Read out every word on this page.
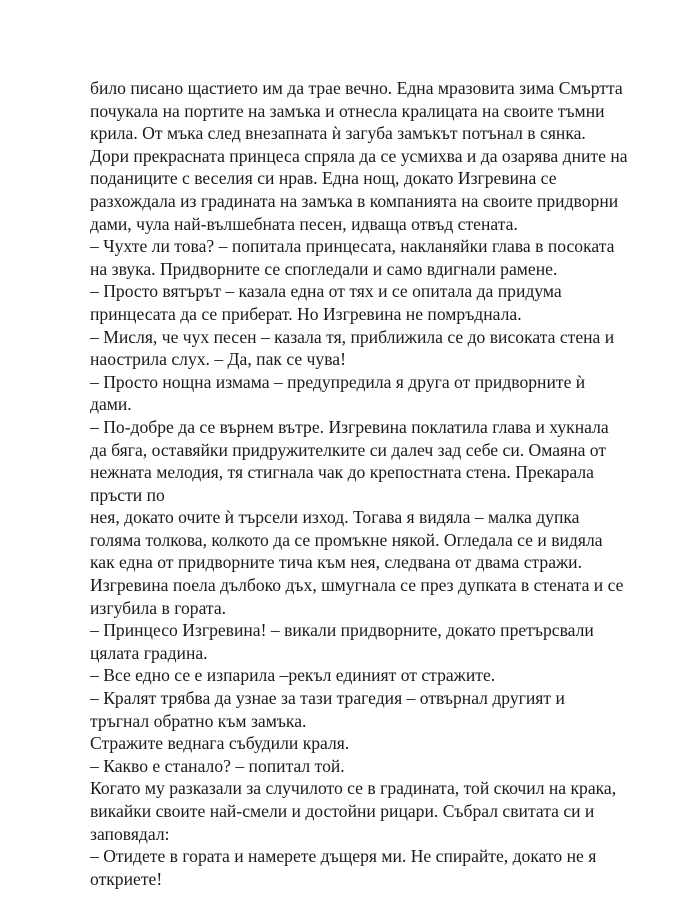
било писано щастието им да трае вечно. Една мразовита зима Смъртта
почукала на портите на замъка и отнесла кралицата на своите тъмни
крила. От мъка след внезапната ѝ загуба замъкът потънал в сянка.
Дори прекрасната принцеса спряла да се усмихва и да озарява дните на
поданиците с веселия си нрав. Една нощ, докато Изгревина се
разхождала из градината на замъка в компанията на своите придворни
дами, чула най-вълшебната песен, идваща отвъд стената.
– Чухте ли това? – попитала принцесата, накланяйки глава в посоката
на звука. Придворните се спогледали и само вдигнали рамене.
– Просто вятърът – казала една от тях и се опитала да придума
принцесата да се приберат. Но Изгревина не помръднала.
– Мисля, че чух песен – казала тя, приближила се до високата стена и
наострила слух. – Да, пак се чува!
– Просто нощна измама – предупредила я друга от придворните ѝ
дами.
– По-добре да се върнем вътре. Изгревина поклатила глава и хукнала
да бяга, оставяйки придружителките си далеч зад себе си. Омаяна от
нежната мелодия, тя стигнала чак до крепостната стена. Прекарала
пръсти по
нея, докато очите ѝ търсели изход. Тогава я видяла – малка дупка
голяма толкова, колкото да се промъкне някой. Огледала се и видяла
как една от придворните тича към нея, следвана от двама стражи.
Изгревина поела дълбоко дъх, шмугнала се през дупката в стената и се
изгубила в гората.
– Принцесо Изгревина! – викали придворните, докато претърсвали
цялата градина.
– Все едно се е изпарила –рекъл единият от стражите.
– Кралят трябва да узнае за тази трагедия – отвърнал другият и
тръгнал обратно към замъка.
Стражите веднага събудили краля.
– Какво е станало? – попитал той.
Когато му разказали за случилото се в градината, той скочил на крака,
викайки своите най-смели и достойни рицари. Събрал свитата си и
заповядал:
– Отидете в гората и намерете дъщеря ми. Не спирайте, докато не я
откриете!
